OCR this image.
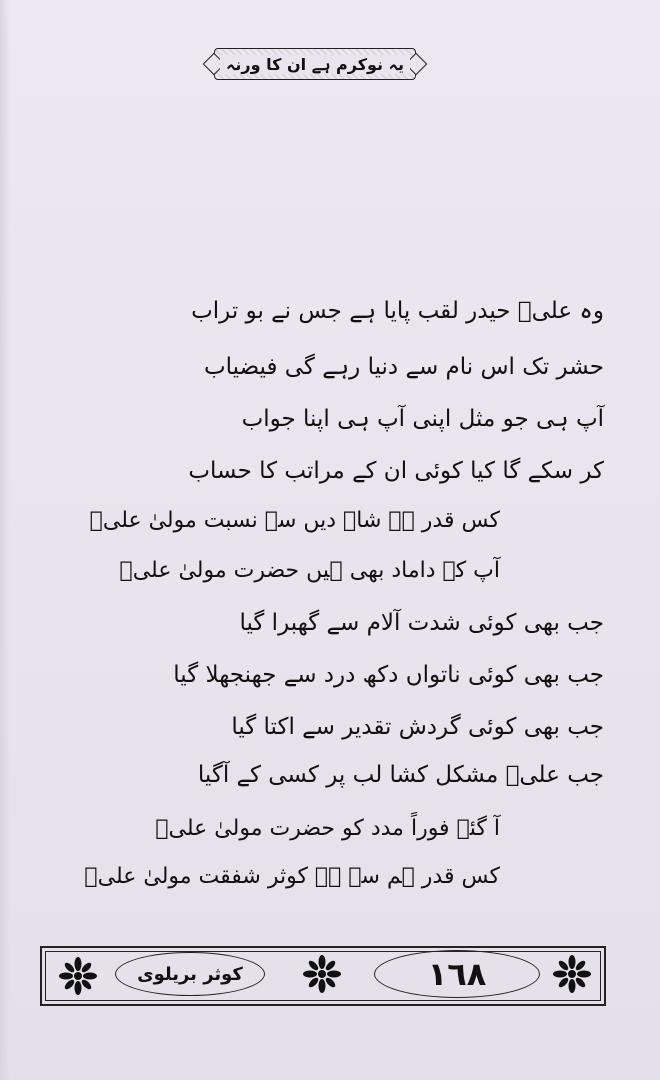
یہ نوکرم ہے ان کا ورنہ
وہ علیؓ حیدر لقب پایا ہے جس نے بو تراب
حشر تک اس نام سے دنیا رہے گی فیضیاب
آپ ہی جو مثل اپنی آپ ہی اپنا جواب
کر سکے گا کیا کوئی ان کے مراتب کا حساب
کس قدر ہے شاہ دیں سے نسبت مولیٰ علیؓ
آپ کے داماد بھی ہیں حضرت مولیٰ علیؓ
جب بھی کوئی شدت آلام سے گھبرا گیا
جب بھی کوئی ناتواں دکھ درد سے جھنجھلا گیا
جب بھی کوئی گردش تقدیر سے اکتا گیا
جب علیؓ مشکل کشا لب پر کسی کے آگیا
آ گئے فوراً مدد کو حضرت مولیٰ علیؓ
کس قدر ہم سے ہے کوثر شفقت مولیٰ علیؓ
کوثر بریلوی	١٦٨
